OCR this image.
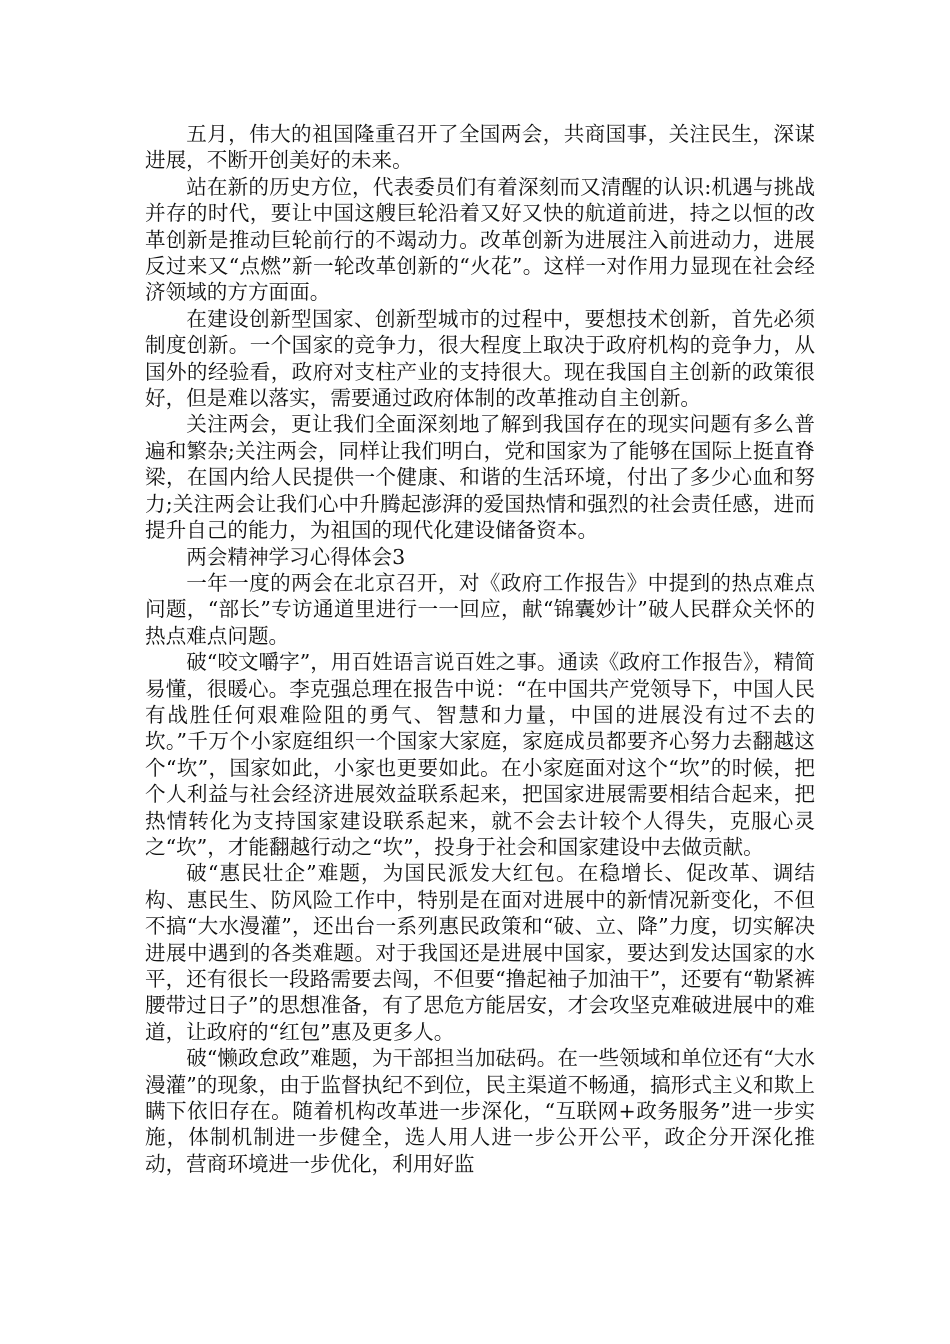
五月，伟大的祖国隆重召开了全国两会，共商国事，关注民生，深谋进展，不断开创美好的未来。

站在新的历史方位，代表委员们有着深刻而又清醒的认识:机遇与挑战并存的时代，要让中国这艘巨轮沿着又好又快的航道前进，持之以恒的改革创新是推动巨轮前行的不竭动力。改革创新为进展注入前进动力，进展反过来又“点燃”新一轮改革创新的“火花”。这样一对作用力显现在社会经济领域的方方面面。

在建设创新型国家、创新型城市的过程中，要想技术创新，首先必须制度创新。一个国家的竞争力，很大程度上取决于政府机构的竞争力，从国外的经验看，政府对支柱产业的支持很大。现在我国自主创新的政策很好，但是难以落实，需要通过政府体制的改革推动自主创新。

关注两会，更让我们全面深刻地了解到我国存在的现实问题有多么普遍和繁杂;关注两会，同样让我们明白，党和国家为了能够在国际上挺直脊梁，在国内给人民提供一个健康、和谐的生活环境，付出了多少心血和努力;关注两会让我们心中升腾起澎湃的爱国热情和强烈的社会责任感，进而提升自己的能力，为祖国的现代化建设储备资本。

两会精神学习心得体会3

一年一度的两会在北京召开，对《政府工作报告》中提到的热点难点问题，“部长”专访通道里进行一一回应，献“锦囊妙计”破人民群众关怀的热点难点问题。

破“咬文嚼字”，用百姓语言说百姓之事。通读《政府工作报告》，精简易懂，很暖心。李克强总理在报告中说：“在中国共产党领导下，中国人民有战胜任何艰难险阻的勇气、智慧和力量，中国的进展没有过不去的坎。”千万个小家庭组织一个国家大家庭，家庭成员都要齐心努力去翻越这个“坎”，国家如此，小家也更要如此。在小家庭面对这个“坎”的时候，把个人利益与社会经济进展效益联系起来，把国家进展需要相结合起来，把热情转化为支持国家建设联系起来，就不会去计较个人得失，克服心灵之“坎”，才能翻越行动之“坎”，投身于社会和国家建设中去做贡献。

破“惠民壮企”难题，为国民派发大红包。在稳增长、促改革、调结构、惠民生、防风险工作中，特别是在面对进展中的新情况新变化，不但不搞“大水漫灌”，还出台一系列惠民政策和“破、立、降”力度，切实解决进展中遇到的各类难题。对于我国还是进展中国家，要达到发达国家的水平，还有很长一段路需要去闯，不但要“撸起袖子加油干”，还要有“勒紧裤腰带过日子”的思想准备，有了思危方能居安，才会攻坚克难破进展中的难道，让政府的“红包”惠及更多人。

破“懒政怠政”难题，为干部担当加砝码。在一些领域和单位还有“大水漫灌”的现象，由于监督执纪不到位，民主渠道不畅通，搞形式主义和欺上瞒下依旧存在。随着机构改革进一步深化，“互联网+政务服务”进一步实施，体制机制进一步健全，选人用人进一步公开公平，政企分开深化推动，营商环境进一步优化，利用好监
